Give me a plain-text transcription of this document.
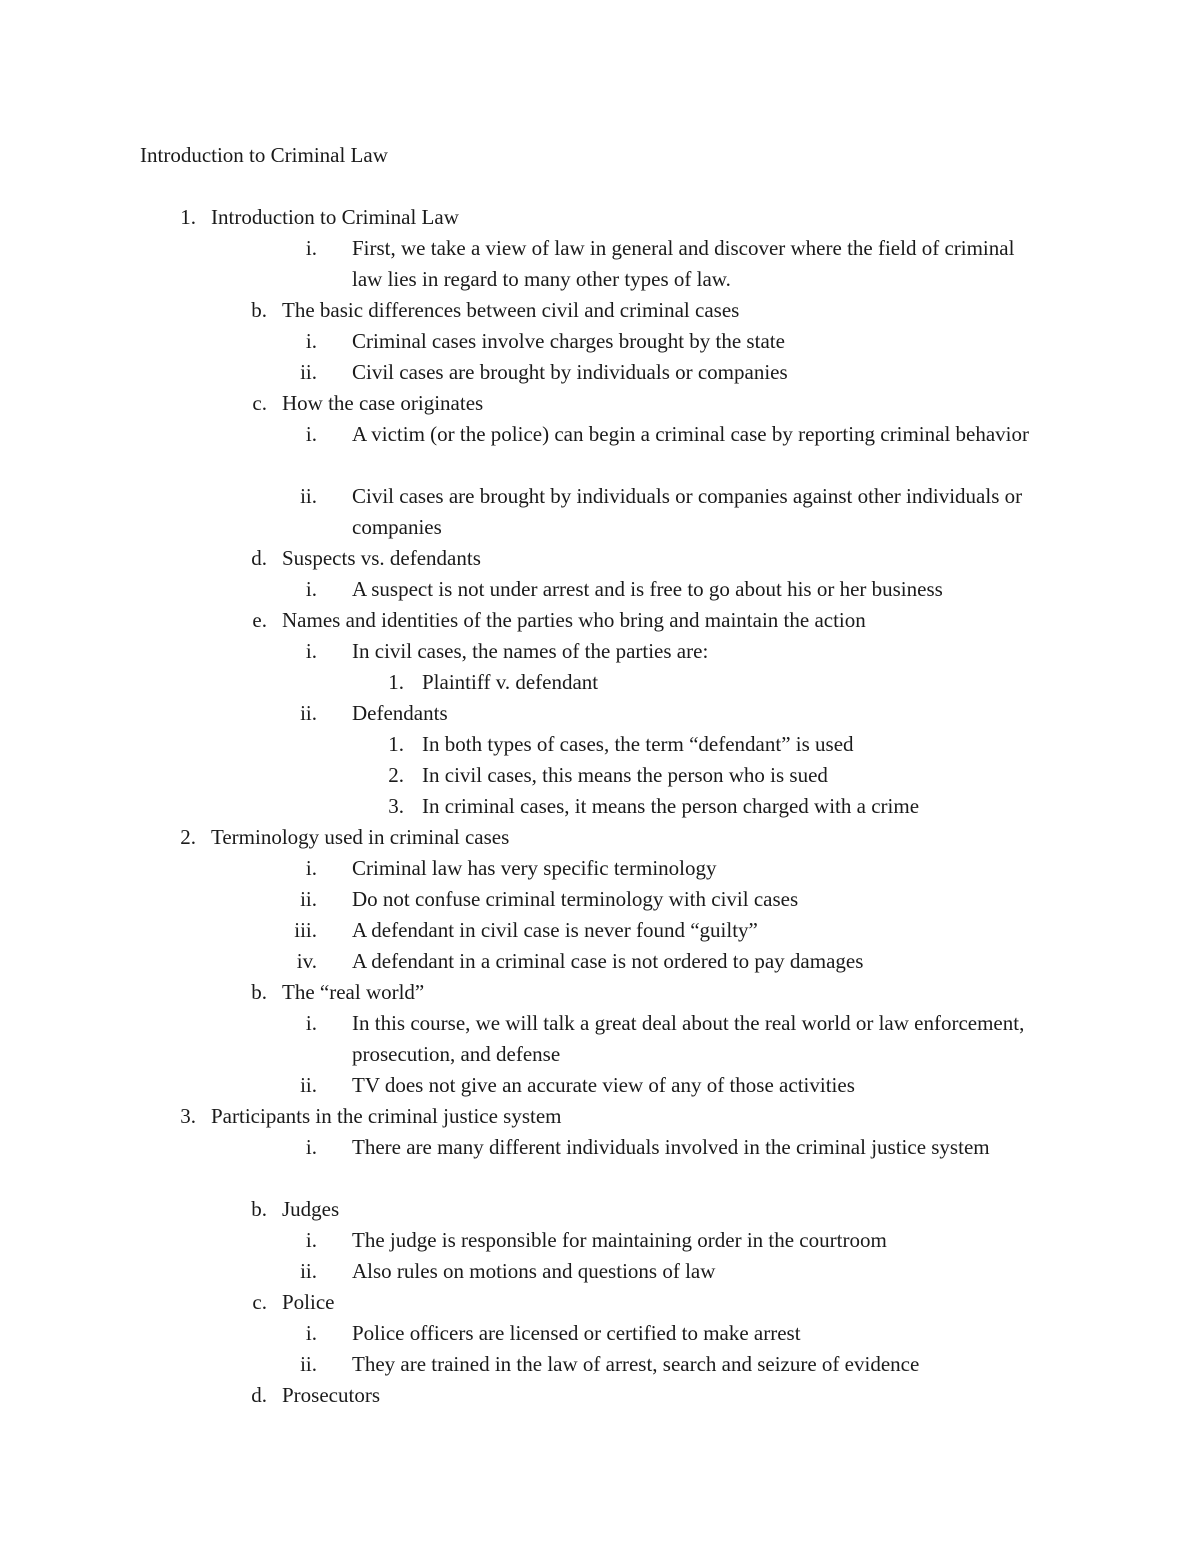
Introduction to Criminal Law
1. Introduction to Criminal Law
i. First, we take a view of law in general and discover where the field of criminal law lies in regard to many other types of law.
b. The basic differences between civil and criminal cases
i. Criminal cases involve charges brought by the state
ii. Civil cases are brought by individuals or companies
c. How the case originates
i. A victim (or the police) can begin a criminal case by reporting criminal behavior
ii. Civil cases are brought by individuals or companies against other individuals or companies
d. Suspects vs. defendants
i. A suspect is not under arrest and is free to go about his or her business
e. Names and identities of the parties who bring and maintain the action
i. In civil cases, the names of the parties are:
1. Plaintiff v. defendant
ii. Defendants
1. In both types of cases, the term “defendant” is used
2. In civil cases, this means the person who is sued
3. In criminal cases, it means the person charged with a crime
2. Terminology used in criminal cases
i. Criminal law has very specific terminology
ii. Do not confuse criminal terminology with civil cases
iii. A defendant in civil case is never found “guilty”
iv. A defendant in a criminal case is not ordered to pay damages
b. The “real world”
i. In this course, we will talk a great deal about the real world or law enforcement, prosecution, and defense
ii. TV does not give an accurate view of any of those activities
3. Participants in the criminal justice system
i. There are many different individuals involved in the criminal justice system
b. Judges
i. The judge is responsible for maintaining order in the courtroom
ii. Also rules on motions and questions of law
c. Police
i. Police officers are licensed or certified to make arrest
ii. They are trained in the law of arrest, search and seizure of evidence
d. Prosecutors
